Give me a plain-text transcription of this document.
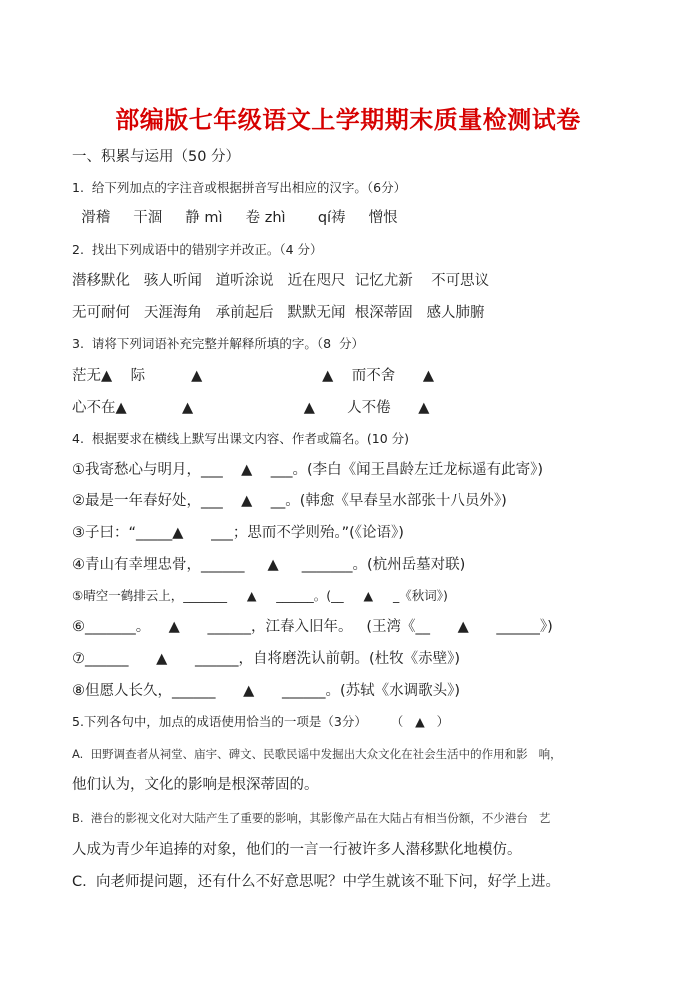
部编版七年级语文上学期期末质量检测试卷
一、积累与运用（50 分）
1.  给下列加点的字注音或根据拼音写出相应的汉字。（6分）
滑稽     干涸     静 mì     卷 zhì       qí祷     憎恨
2.  找出下列成语中的错别字并改正。（4 分）
潜移默化   骇人听闻   道听涂说   近在咫尺  记忆尤新    不可思议
无可耐何   天涯海角   承前起后   默默无闻  根深蒂固   感人肺腑
3.  请将下列词语补充完整并解释所填的字。（8  分）
茫无▲    际          ▲                          ▲    而不舍      ▲
心不在▲            ▲                        ▲       人不倦      ▲
4.  根据要求在横线上默写出课文内容、作者或篇名。(10 分)
①我寄愁心与明月，___    ▲    ___。(李白《闻王昌龄左迁龙标遥有此寄》)
②最是一年春好处，___    ▲    __。(韩愈《早春呈水部张十八员外》)
③子曰：“_____▲      ___；思而不学则殆。”(《论语》)
④青山有幸埋忠骨，______     ▲     _______。(杭州岳墓对联)
⑤晴空一鹤排云上，_______     ▲     ______。(__     ▲     _《秋词》)
⑥_______。    ▲      ______，江春入旧年。   (王湾《__      ▲      ______》)
⑦______      ▲      ______，自将磨洗认前朝。(杜牧《赤壁》)
⑧但愿人长久，______      ▲      ______。(苏轼《水调歌头》)
5.下列各句中，加点的成语使用恰当的一项是（3分）      （   ▲   ）
A.  田野调查者从祠堂、庙宇、碑文、民歌民谣中发掘出大众文化在社会生活中的作用和影   响，
他们认为，文化的影响是根深蒂固的。
B.  港台的影视文化对大陆产生了重要的影响，其影像产品在大陆占有相当份额，不少港台   艺
人成为青少年追捧的对象，他们的一言一行被许多人潜移默化地模仿。
C.  向老师提问题，还有什么不好意思呢？中学生就该不耻下问，好学上进。
